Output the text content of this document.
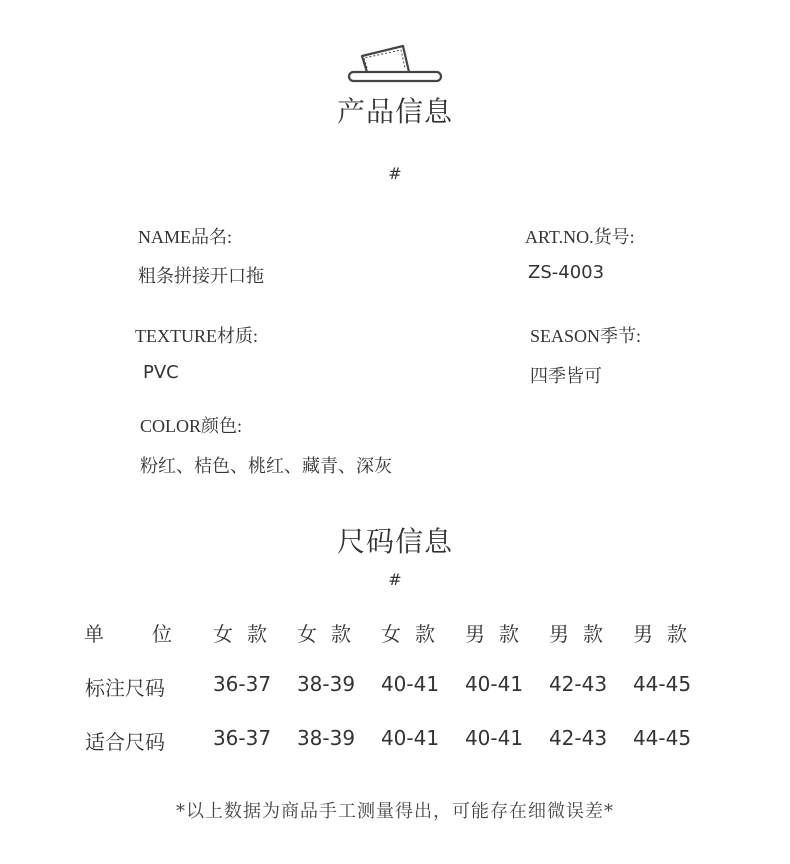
产品信息
#
NAME品名:
粗条拼接开口拖
ART.NO.货号:
ZS-4003
TEXTURE材质:
PVC
SEASON季节:
四季皆可
COLOR颜色:
粉红、桔色、桃红、藏青、深灰
尺码信息
#
单　位	女款 女款 女款 男款 男款 男款
标注尺码	36-37	38-39	40-41	40-41	42-43	44-45
适合尺码	36-37	38-39	40-41	40-41	42-43	44-45
*以上数据为商品手工测量得出，可能存在细微误差*
